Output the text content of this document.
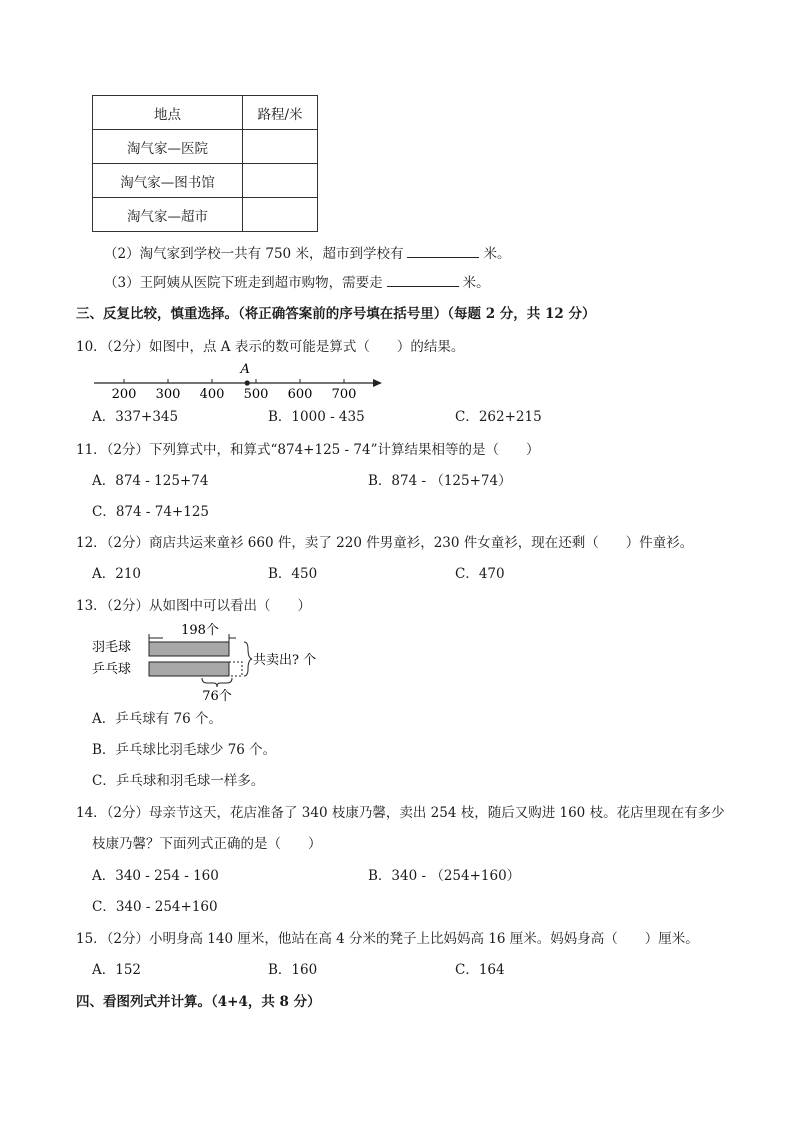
地点	路程/米
淘气家—医院	
淘气家—图书馆	
淘气家—超市	
（2）淘气家到学校一共有 750 米，超市到学校有	米。
（3）王阿姨从医院下班走到超市购物，需要走	米。
三、反复比较，慎重选择。（将正确答案前的序号填在括号里）（每题 2 分，共 12 分）
10．（2分）如图中，点 A 表示的数可能是算式（　　）的结果。
200 300 400 500 600 700
A
A．337+345	B．1000 - 435	C．262+215
11．（2分）下列算式中，和算式“874+125 - 74”计算结果相等的是（　　）
A．874 - 125+74	B．874 - （125+74）
C．874 - 74+125
12．（2分）商店共运来童衫 660 件，卖了 220 件男童衫，230 件女童衫，现在还剩（　　）件童衫。
A．210	B．450	C．470
13．（2分）从如图中可以看出（　　）
198个
羽毛球
乒乓球
共卖出? 个
76个
A．乒乓球有 76 个。
B．乒乓球比羽毛球少 76 个。
C．乒乓球和羽毛球一样多。
14．（2分）母亲节这天，花店准备了 340 枝康乃馨，卖出 254 枝，随后又购进 160 枝。花店里现在有多少
枝康乃馨？下面列式正确的是（　　）
A．340 - 254 - 160	B．340 - （254+160）
C．340 - 254+160
15．（2分）小明身高 140 厘米，他站在高 4 分米的凳子上比妈妈高 16 厘米。妈妈身高（　　）厘米。
A．152	B．160	C．164
四、看图列式并计算。（4+4，共 8 分）
